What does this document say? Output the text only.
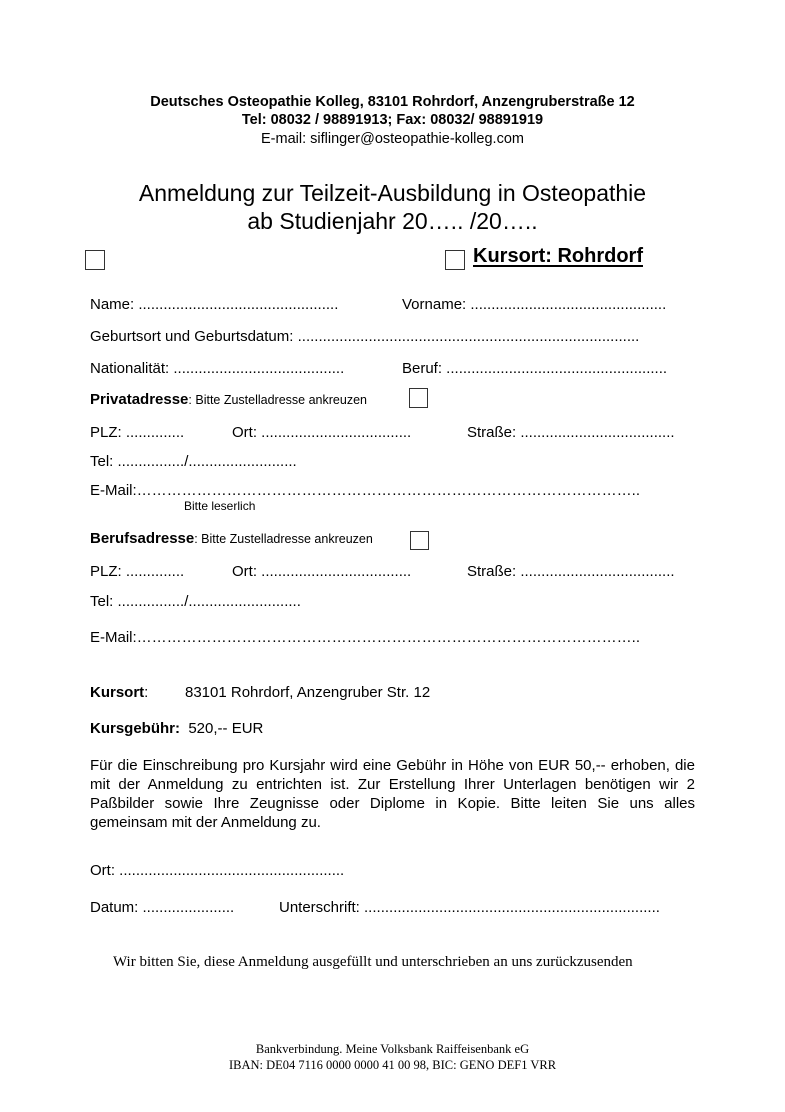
Deutsches Osteopathie Kolleg, 83101 Rohrdorf, Anzengruberstraße 12
Tel: 08032 / 98891913; Fax: 08032/ 98891919
E-mail: siflinger@osteopathie-kolleg.com
Anmeldung zur Teilzeit-Ausbildung in Osteopathie
ab Studienjahr 20….. /20…..
Kursort: Rohrdorf
Name: ................................................	Vorname: ...............................................
Geburtsort und Geburtsdatum: ..................................................................................
Nationalität: .........................................	Beruf: .....................................................
Privatadresse: Bitte Zustelladresse ankreuzen
PLZ: ..............	Ort: ....................................	Straße: .....................................
Tel: ................/..........................
E-Mail:………………………………………………………………………………………..
Bitte leserlich
Berufsadresse: Bitte Zustelladresse ankreuzen
PLZ: ..............	Ort: ....................................	Straße: .....................................
Tel: ................/...........................
E-Mail:………………………………………………………………………………………..
Kursort: 83101 Rohrdorf, Anzengruber Str. 12
Kursgebühr: 520,-- EUR
Für die Einschreibung pro Kursjahr wird eine Gebühr in Höhe von EUR 50,-- erhoben, die mit der Anmeldung zu entrichten ist. Zur Erstellung Ihrer Unterlagen benötigen wir 2 Paßbilder sowie Ihre Zeugnisse oder Diplome in Kopie. Bitte leiten Sie uns alles gemeinsam mit der Anmeldung zu.
Ort: ......................................................
Datum: ......................	Unterschrift: .......................................................................
Wir bitten Sie, diese Anmeldung ausgefüllt und unterschrieben an uns zurückzusenden
Bankverbindung. Meine Volksbank Raiffeisenbank eG
IBAN: DE04 7116 0000 0000 41 00 98, BIC: GENO DEF1 VRR
